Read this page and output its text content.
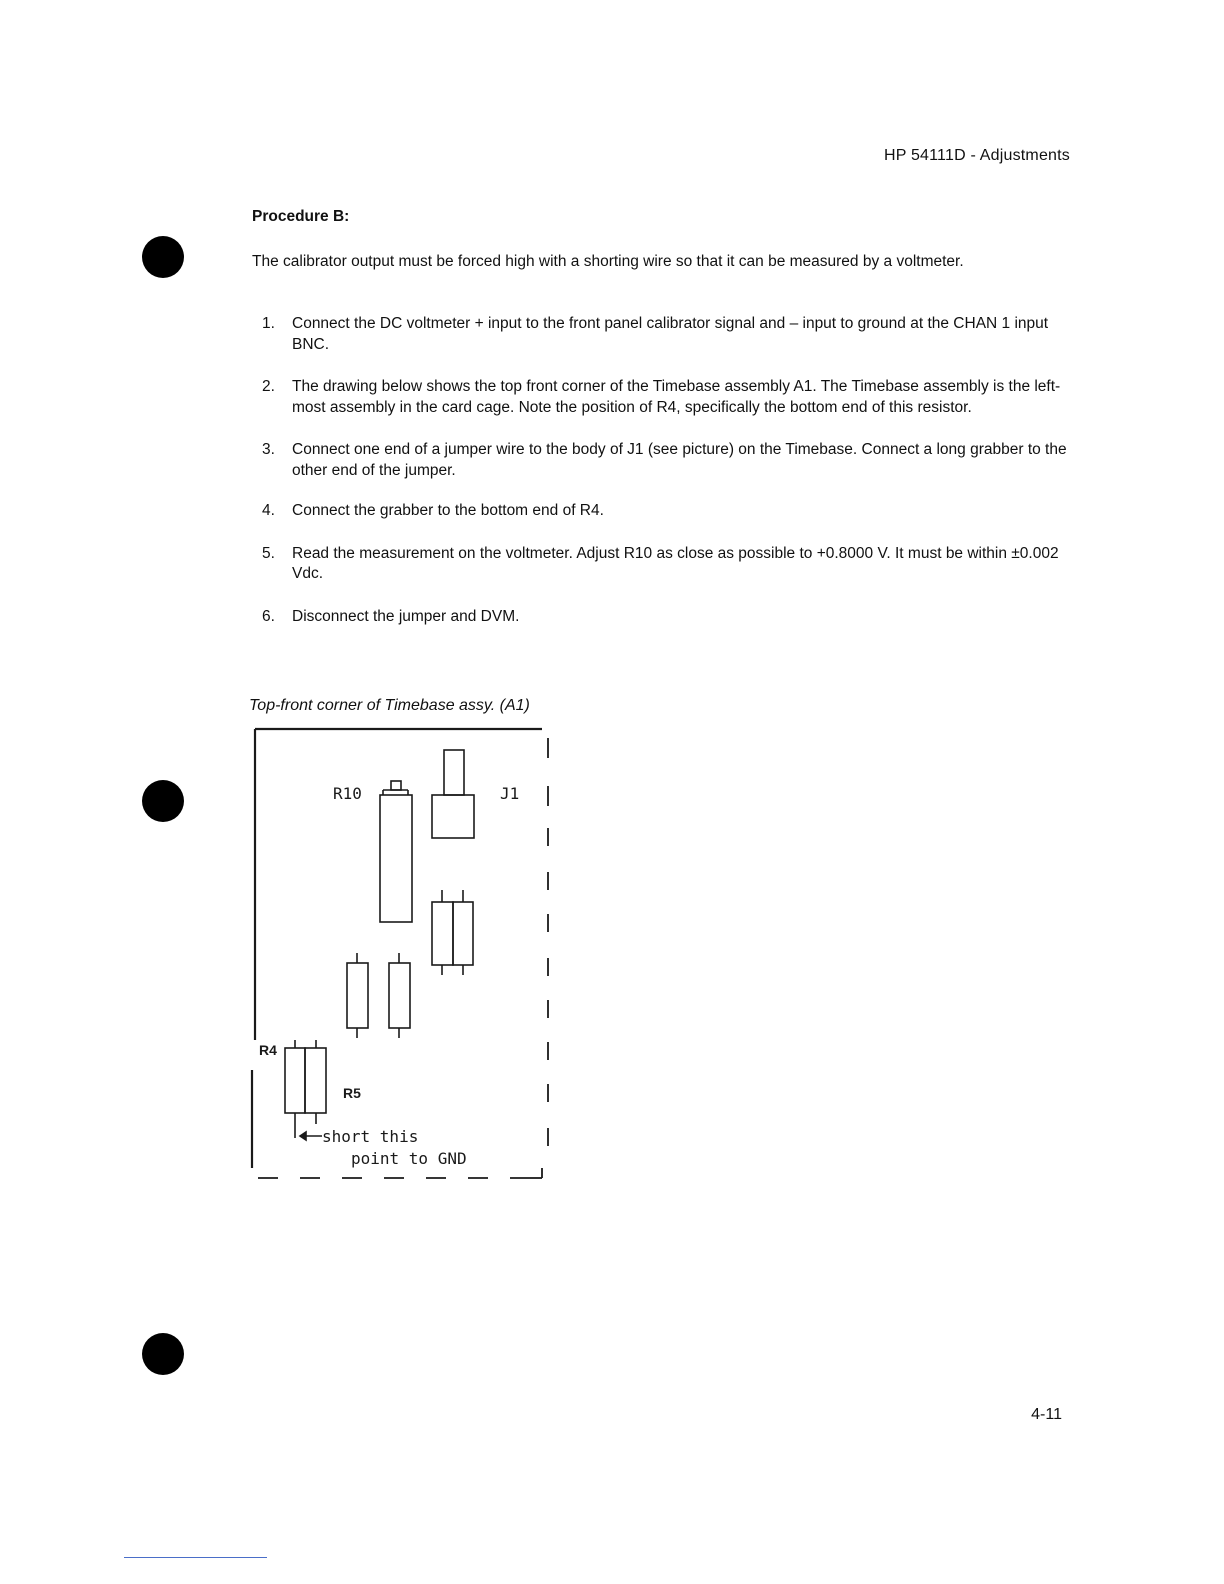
HP 54111D - Adjustments
Procedure B:

The calibrator output must be forced high with a shorting wire so that it can be measured by a voltmeter.

1.	Connect the DC voltmeter + input to the front panel calibrator signal and – input to ground at the CHAN 1 input BNC.
2.	The drawing below shows the top front corner of the Timebase assembly A1. The Timebase assembly is the left-most assembly in the card cage. Note the position of R4, specifically the bottom end of this resistor.
3.	Connect one end of a jumper wire to the body of J1 (see picture) on the Timebase. Connect a long grabber to the other end of the jumper.
4.	Connect the grabber to the bottom end of R4.
5.	Read the measurement on the voltmeter. Adjust R10 as close as possible to +0.8000 V. It must be within ±0.002 Vdc.
6.	Disconnect the jumper and DVM.
Top-front corner of Timebase assy. (A1)
R10	J1
short this
point to GND
R4
R5
4-11
